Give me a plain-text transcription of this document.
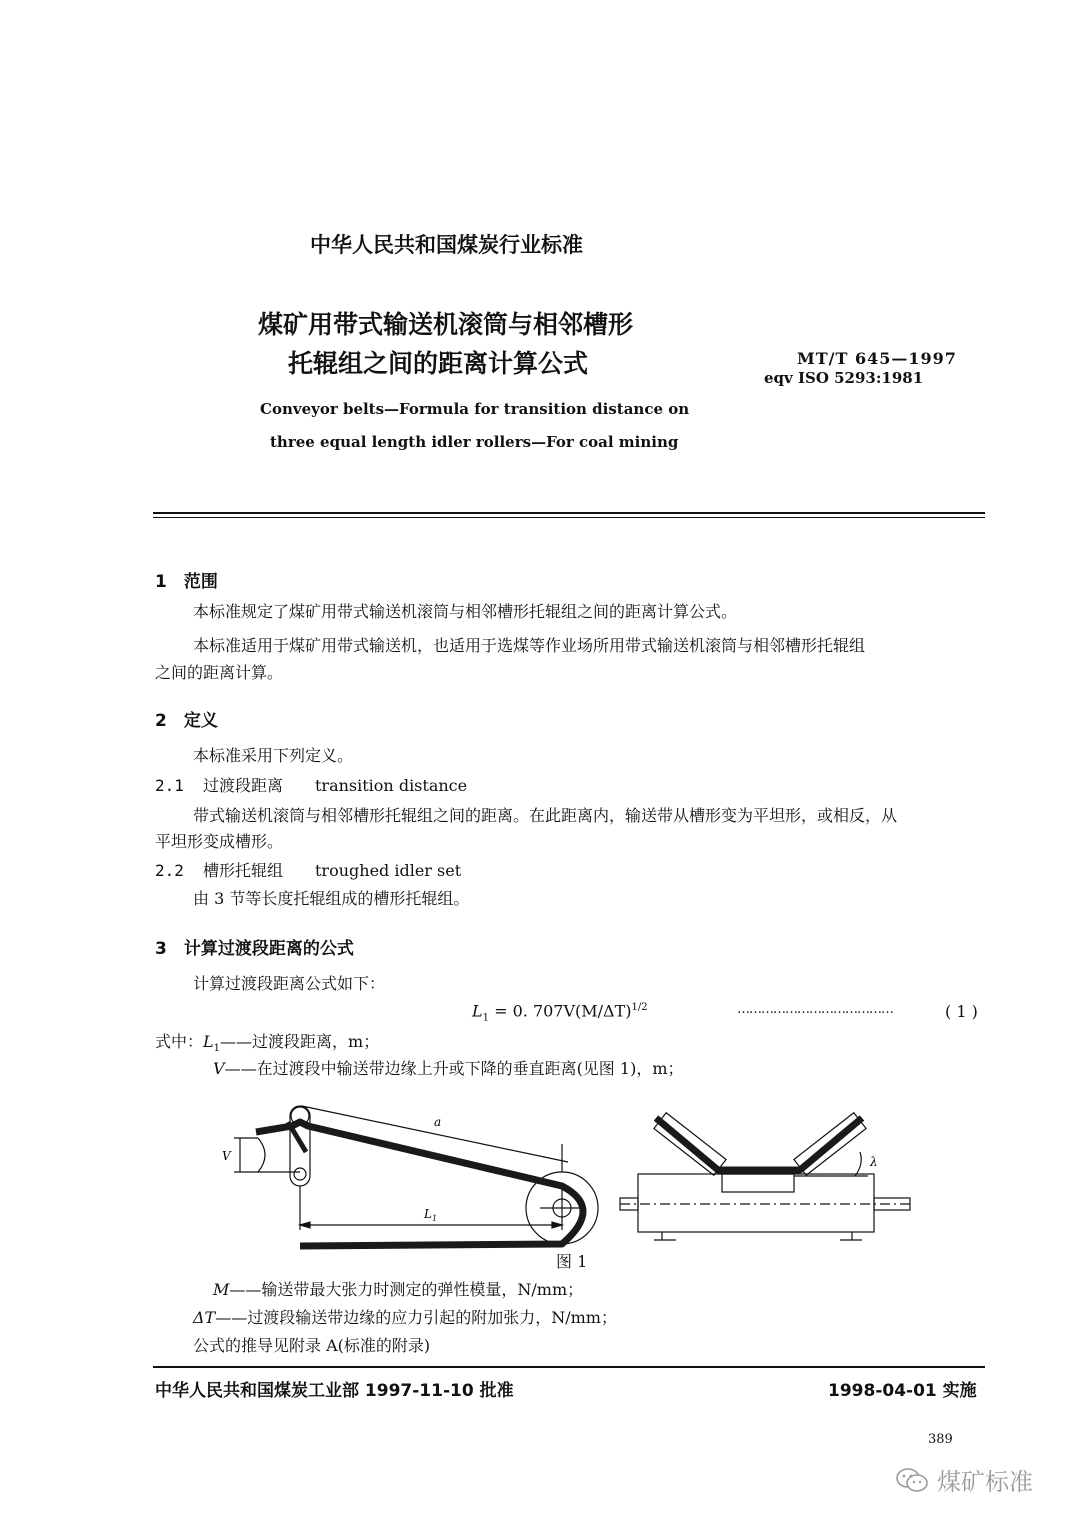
中华人民共和国煤炭行业标准
煤矿用带式输送机滚筒与相邻槽形
托辊组之间的距离计算公式	MT/T 645—1997
eqv ISO 5293:1981
Conveyor belts—Formula for transition distance on
three equal length idler rollers—For coal mining
1　范围
本标准规定了煤矿用带式输送机滚筒与相邻槽形托辊组之间的距离计算公式。
本标准适用于煤矿用带式输送机，也适用于选煤等作业场所用带式输送机滚筒与相邻槽形托辊组
之间的距离计算。
2　定义
本标准采用下列定义。
2.1 过渡段距离 transition distance
带式输送机滚筒与相邻槽形托辊组之间的距离。在此距离内，输送带从槽形变为平坦形，或相反，从
平坦形变成槽形。
2.2 槽形托辊组 troughed idler set
由 3 节等长度托辊组成的槽形托辊组。
3　计算过渡段距离的公式
计算过渡段距离公式如下：
$L_1 = 0$. $707V(M/\Delta T)^{1/2}$	…………………………………	( 1 )
式中：$L_1——$过渡段距离，m；
V——在过渡段中输送带边缘上升或下降的垂直距离(见图 1)，m；
a
V
$L_1$
λ
图 1
M——输送带最大张力时测定的弹性模量，N/mm；
ΔT——过渡段输送带边缘的应力引起的附加张力，N/mm；
公式的推导见附录 A(标准的附录)
中华人民共和国煤炭工业部 1997-11-10 批准	1998-04-01 实施
389
煤矿标准
